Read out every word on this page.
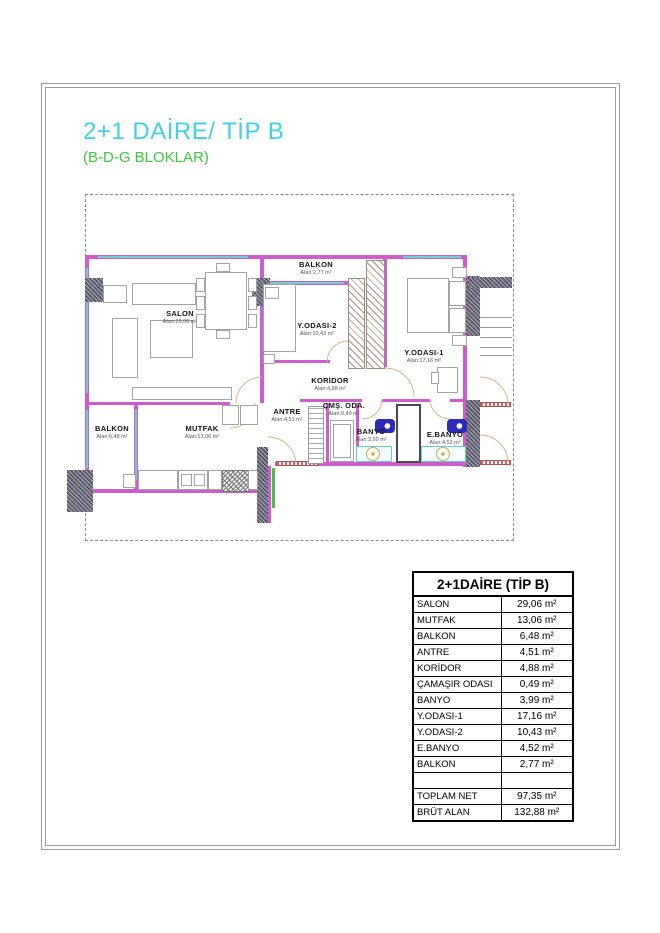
2+1 DAİRE/ TİP B
(B-D-G BLOKLAR)
SALON
Alan:29,06 m²
BALKON
Alan:2,77 m²
Y.ODASI-2
Alan:10,43 m²
Y.ODASI-1
Alan:17,16 m²
KORİDOR
Alan:4,88 m²
ANTRE
Alan:4,51 m²
ÇMŞ. ODA.
Alan:0,49 m²
BANYO
Alan:3,99 m²
E.BANYO
Alan:4,52 m²
MUTFAK
Alan:13,06 m²
BALKON
Alan:6,48 m²
2+1DAİRE (TİP B)	
SALON	29,06 m²
MUTFAK	13,06 m²
BALKON	6,48 m²
ANTRE	4,51 m²
KORİDOR	4,88 m²
ÇAMAŞIR ODASI	0,49 m²
BANYO	3,99 m²
Y.ODASI-1	17,16 m²
Y.ODASI-2	10,43 m²
E.BANYO	4,52 m²
BALKON	2,77 m²

TOPLAM NET	97,35 m²
BRÜT ALAN	132,88 m²
